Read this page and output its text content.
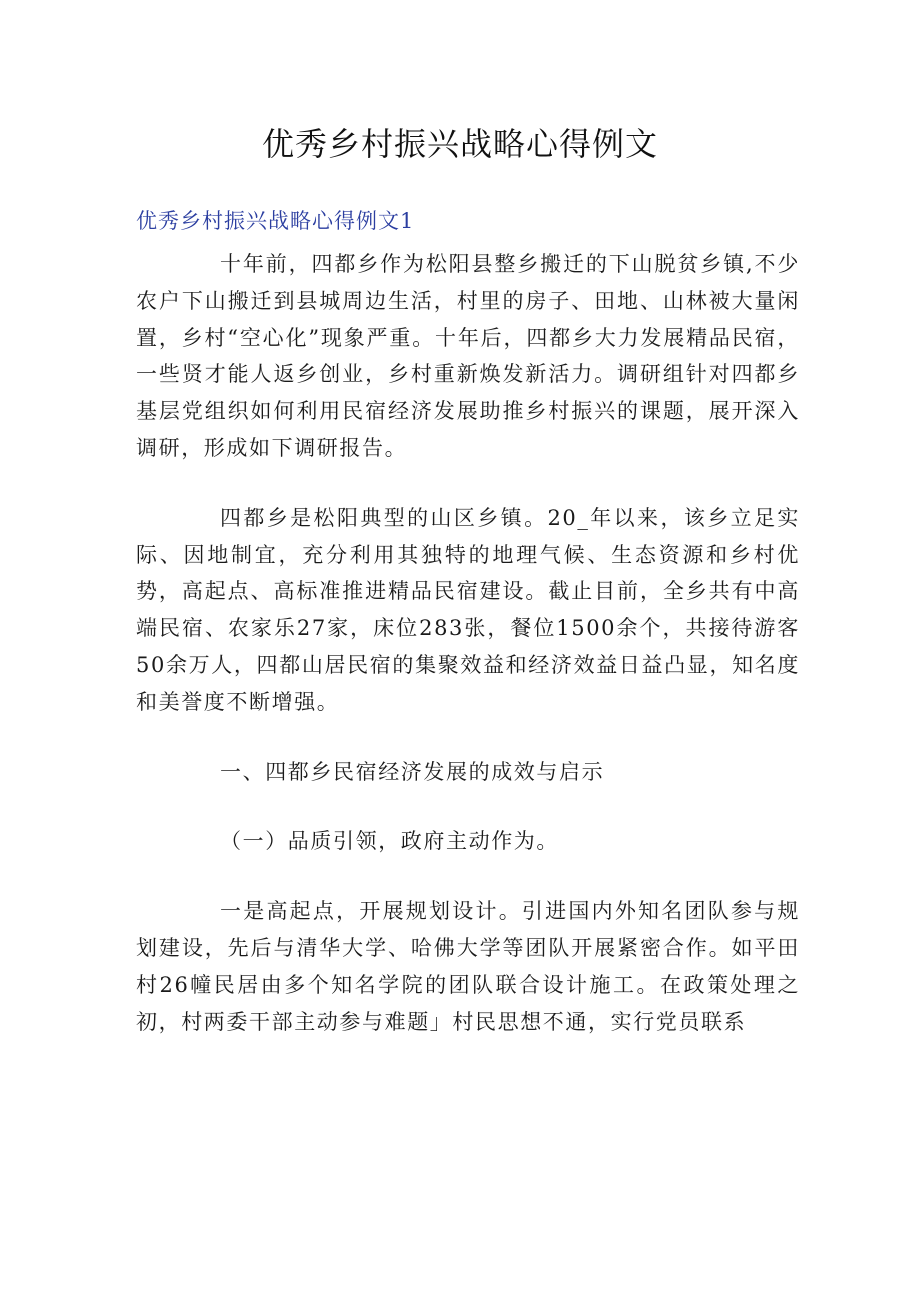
优秀乡村振兴战略心得例文
优秀乡村振兴战略心得例文1

十年前，四都乡作为松阳县整乡搬迁的下山脱贫乡镇,不少农户下山搬迁到县城周边生活，村里的房子、田地、山林被大量闲置，乡村“空心化”现象严重。十年后，四都乡大力发展精品民宿，一些贤才能人返乡创业，乡村重新焕发新活力。调研组针对四都乡基层党组织如何利用民宿经济发展助推乡村振兴的课题，展开深入调研，形成如下调研报告。

四都乡是松阳典型的山区乡镇。20_年以来，该乡立足实际、因地制宜，充分利用其独特的地理气候、生态资源和乡村优势，高起点、高标准推进精品民宿建设。截止目前，全乡共有中高端民宿、农家乐27家，床位283张，餐位1500余个，共接待游客50余万人，四都山居民宿的集聚效益和经济效益日益凸显，知名度和美誉度不断增强。

一、四都乡民宿经济发展的成效与启示

（一）品质引领，政府主动作为。

一是高起点，开展规划设计。引进国内外知名团队参与规划建设，先后与清华大学、哈佛大学等团队开展紧密合作。如平田村26幢民居由多个知名学院的团队联合设计施工。在政策处理之初，村两委干部主动参与难题」村民思想不通，实行党员联系
